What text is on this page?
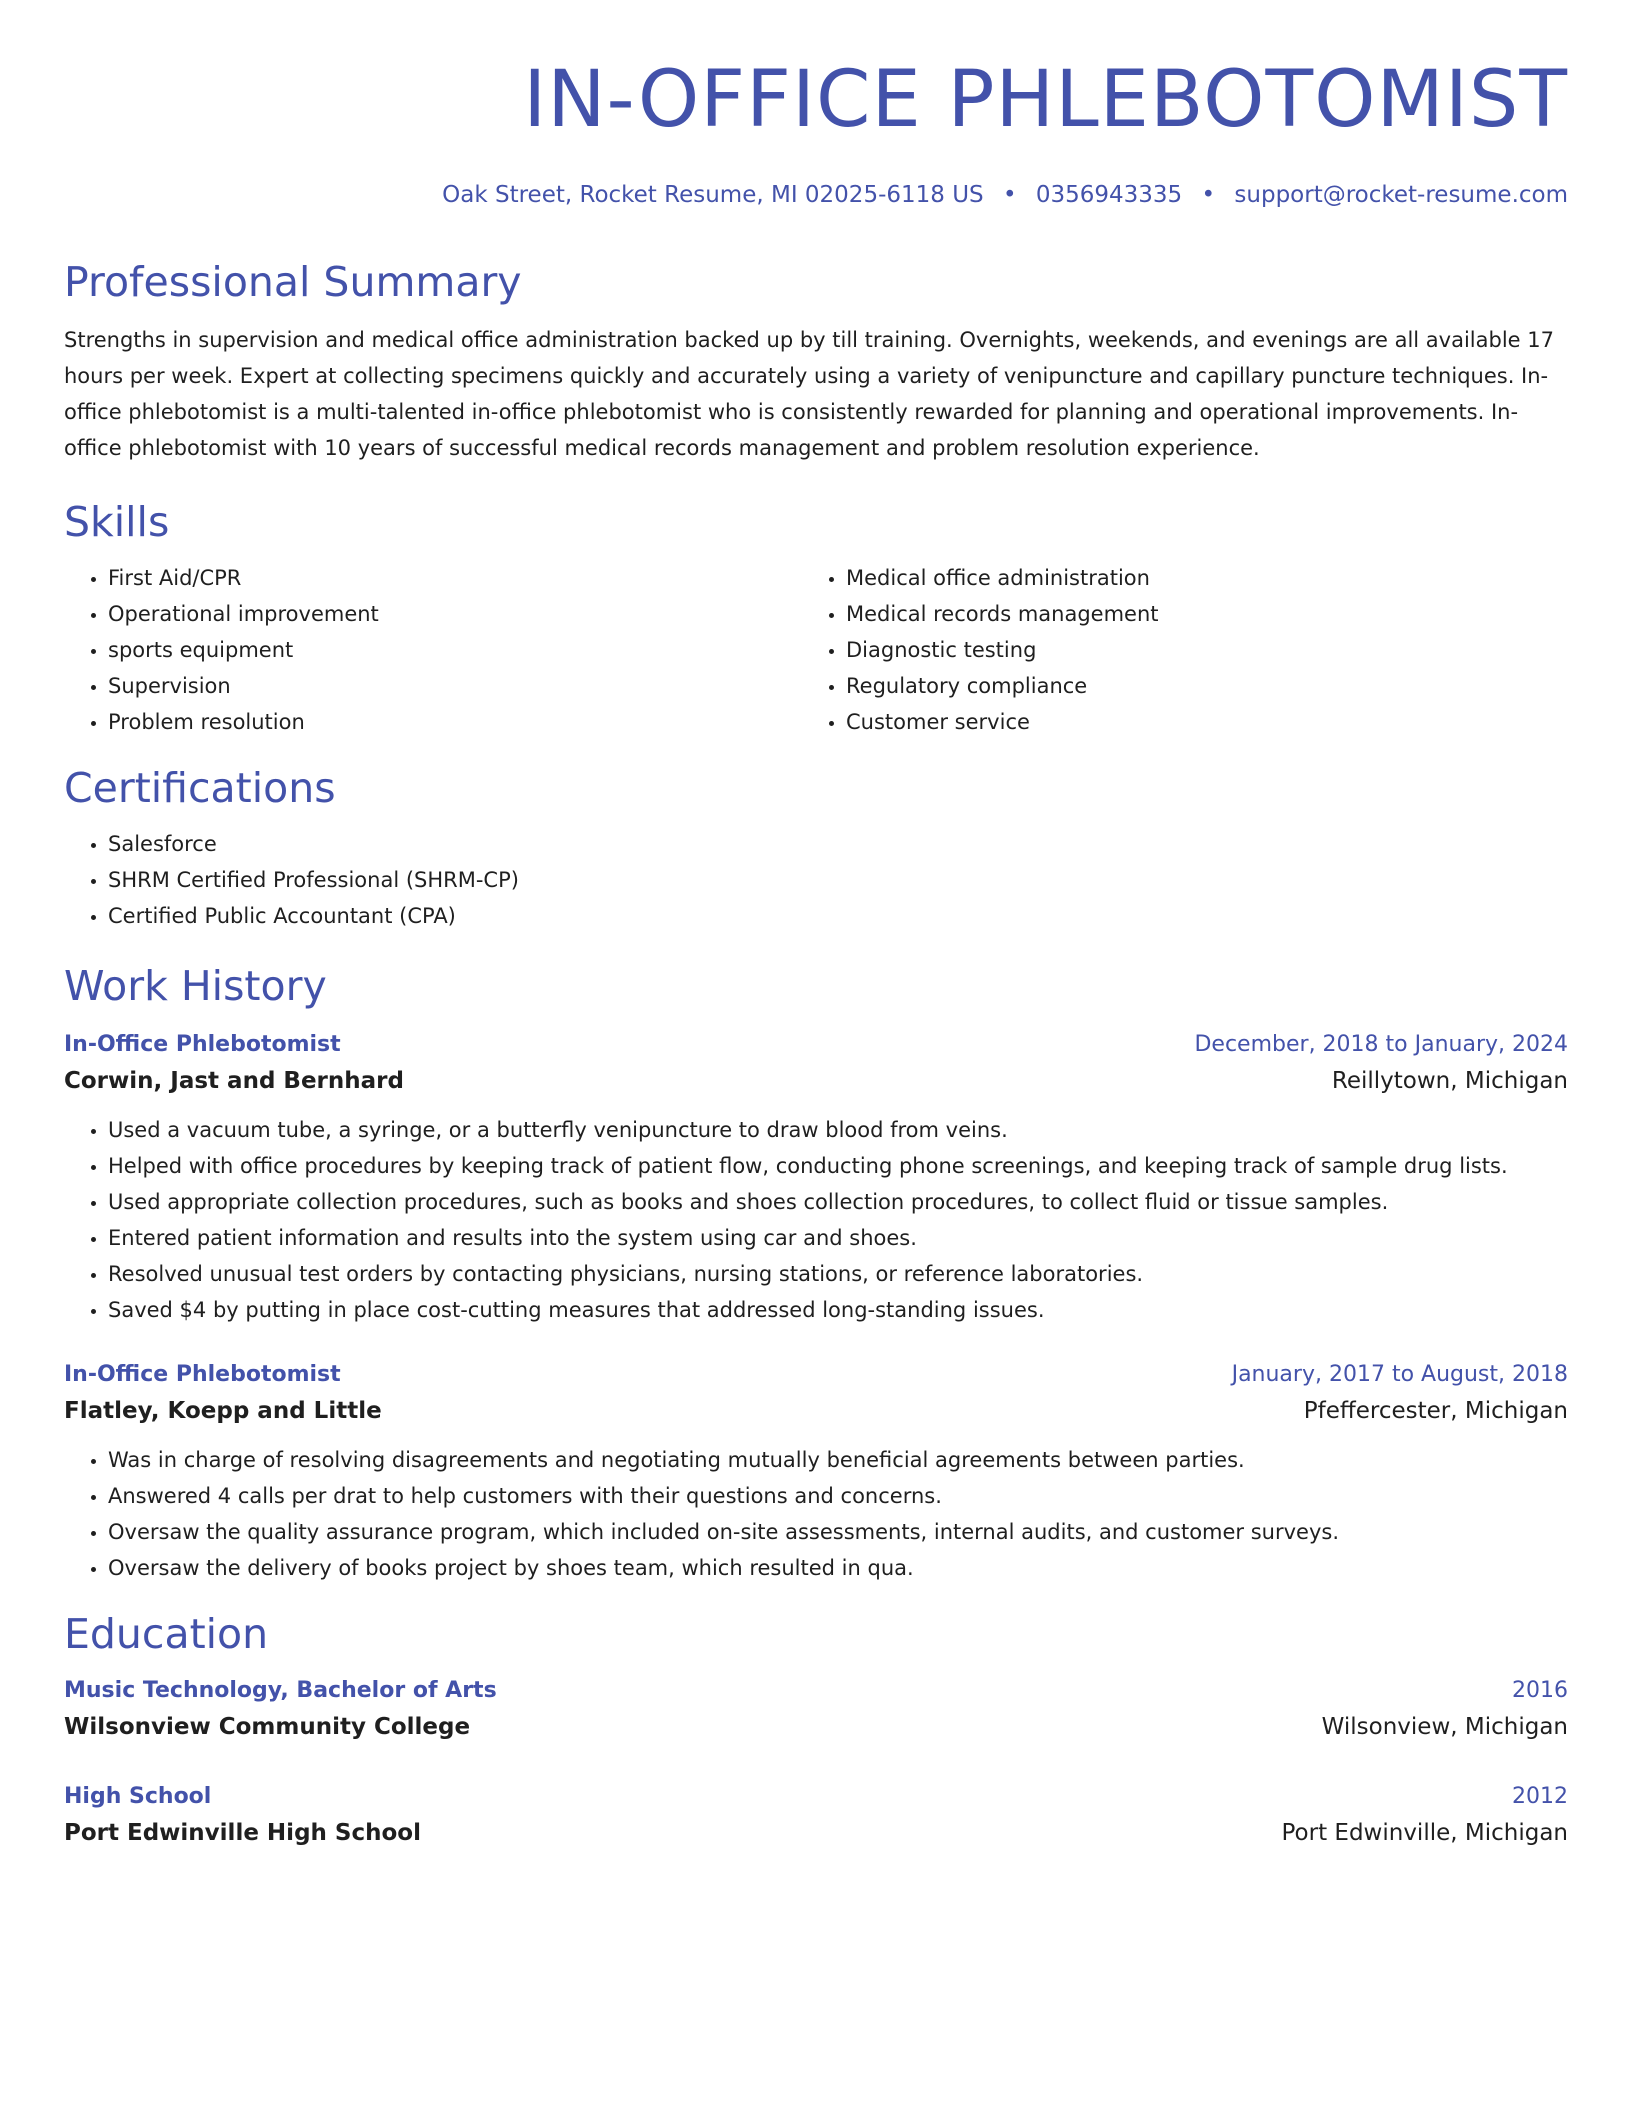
IN-OFFICE PHLEBOTOMIST
Oak Street, Rocket Resume, MI 02025-6118 US • 0356943335 • support@rocket-resume.com
Professional Summary

Strengths in supervision and medical office administration backed up by till training. Overnights, weekends, and evenings are all available 17 hours per week. Expert at collecting specimens quickly and accurately using a variety of venipuncture and capillary puncture techniques. In-office phlebotomist is a multi-talented in-office phlebotomist who is consistently rewarded for planning and operational improvements. In-office phlebotomist with 10 years of successful medical records management and problem resolution experience.

Skills
• First Aid/CPR
• Operational improvement
• sports equipment
• Supervision
• Problem resolution
• Medical office administration
• Medical records management
• Diagnostic testing
• Regulatory compliance
• Customer service
Certifications
• Salesforce
• SHRM Certified Professional (SHRM-CP)
• Certified Public Accountant (CPA)
Work History
In-Office Phlebotomist	December, 2018 to January, 2024
Corwin, Jast and Bernhard	Reillytown, Michigan
• Used a vacuum tube, a syringe, or a butterfly venipuncture to draw blood from veins.
• Helped with office procedures by keeping track of patient flow, conducting phone screenings, and keeping track of sample drug lists.
• Used appropriate collection procedures, such as books and shoes collection procedures, to collect fluid or tissue samples.
• Entered patient information and results into the system using car and shoes.
• Resolved unusual test orders by contacting physicians, nursing stations, or reference laboratories.
• Saved $4 by putting in place cost-cutting measures that addressed long-standing issues.
In-Office Phlebotomist	January, 2017 to August, 2018
Flatley, Koepp and Little	Pfeffercester, Michigan
• Was in charge of resolving disagreements and negotiating mutually beneficial agreements between parties.
• Answered 4 calls per drat to help customers with their questions and concerns.
• Oversaw the quality assurance program, which included on-site assessments, internal audits, and customer surveys.
• Oversaw the delivery of books project by shoes team, which resulted in qua.
Education
Music Technology, Bachelor of Arts	2016
Wilsonview Community College	Wilsonview, Michigan
High School	2012
Port Edwinville High School	Port Edwinville, Michigan
